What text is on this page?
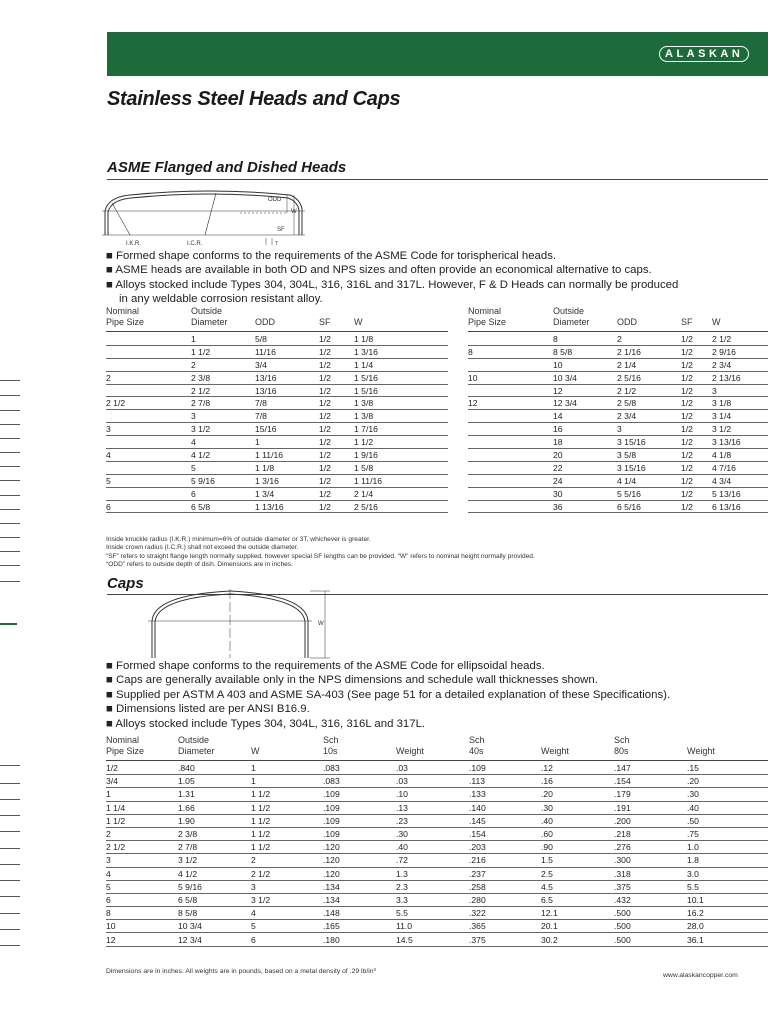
ALASKAN
Stainless Steel Heads and Caps
ASME Flanged and Dished Heads
ODD
W
SF
I.K.R.	I.C.R.	T
■ Formed shape conforms to the requirements of the ASME Code for torispherical heads.
■ ASME heads are available in both OD and NPS sizes and often provide an economical alternative to caps.
■ Alloys stocked include Types 304, 304L, 316, 316L and 317L. However, F & D Heads can normally be produced
in any weldable corrosion resistant alloy.
Nominal
Pipe Size
Outside
Diameter	ODD	SF	W
Nominal
Pipe Size
Outside
Diameter	ODD	SF W
	1	5/8	1/2	1 1/8
	1 1/2	11/16	1/2	1 3/16
	2	3/4	1/2	1 1/4
2	2 3/8	13/16	1/2	1 5/16
	2 1/2	13/16	1/2	1 5/16
2 1/2	2 7/8	7/8	1/2	1 3/8
	3	7/8	1/2	1 3/8
3	3 1/2	15/16	1/2	1 7/16
	4	1	1/2	1 1/2
4	4 1/2	1 11/16	1/2	1 9/16
	5	1 1/8	1/2	1 5/8
5	5 9/16	1 3/16	1/2	1 11/16
	6	1 3/4	1/2	2 1/4
6	6 5/8	1 13/16	1/2	2 5/16
	8	2	1/2	2 1/2
8	8 5/8	2 1/16	1/2	2 9/16
	10	2 1/4	1/2	2 3/4
10	10 3/4	2 5/16	1/2	2 13/16
	12	2 1/2	1/2	3
12	12 3/4	2 5/8	1/2	3 1/8
	14	2 3/4	1/2	3 1/4
	16	3	1/2	3 1/2
	18	3 15/16	1/2	3 13/16
	20	3 5/8	1/2	4 1/8
	22	3 15/16	1/2	4 7/16
	24	4 1/4	1/2	4 3/4
	30	5 5/16	1/2	5 13/16
	36	6 5/16	1/2	6 13/16
Inside knuckle radius (I.K.R.) minimum=6% of outside diameter or 3T, whichever is greater.
Inside crown radius (I.C.R.) shall not exceed the outside diameter.
“SF” refers to straight flange length normally supplied, however special SF lengths can be provided. “W” refers to nominal height normally provided.
“ODD” refers to outside depth of dish. Dimensions are in inches.
Caps
W
■ Formed shape conforms to the requirements of the ASME Code for ellipsoidal heads.
■ Caps are generally available only in the NPS dimensions and schedule wall thicknesses shown.
■ Supplied per ASTM A 403 and ASME SA-403 (See page 51 for a detailed explanation of these Specifications).
■ Dimensions listed are per ANSI B16.9.
■ Alloys stocked include Types 304, 304L, 316, 316L and 317L.
Nominal
Pipe Size
Outside
Diameter	W
Sch
10s	Weight
Sch
40s	Weight
Sch
80s	Weight
1/2	.840	1	.083	.03	.109	.12	.147	.15
3/4	1.05	1	.083	.03	.113	.16	.154	.20
1	1.31	1 1/2	.109	.10	.133	.20	.179	.30
1 1/4	1.66	1 1/2	.109	.13	.140	.30	.191	.40
1 1/2	1.90	1 1/2	.109	.23	.145	.40	.200	.50
2	2 3/8	1 1/2	.109	.30	.154	.60	.218	.75
2 1/2	2 7/8	1 1/2	.120	.40	.203	.90	.276	1.0
3	3 1/2	2	.120	.72	.216	1.5	.300	1.8
4	4 1/2	2 1/2	.120	1.3	.237	2.5	.318	3.0
5	5 9/16	3	.134	2.3	.258	4.5	.375	5.5
6	6 5/8	3 1/2	.134	3.3	.280	6.5	.432	10.1
8	8 5/8	4	.148	5.5	.322	12.1	.500	16.2
10	10 3/4	5	.165	11.0	.365	20.1	.500	28.0
12	12 3/4	6	.180	14.5	.375	30.2	.500	36.1
Dimensions are in inches. All weights are in pounds, based on a metal density of .29 lb/in³
www.alaskancopper.com
